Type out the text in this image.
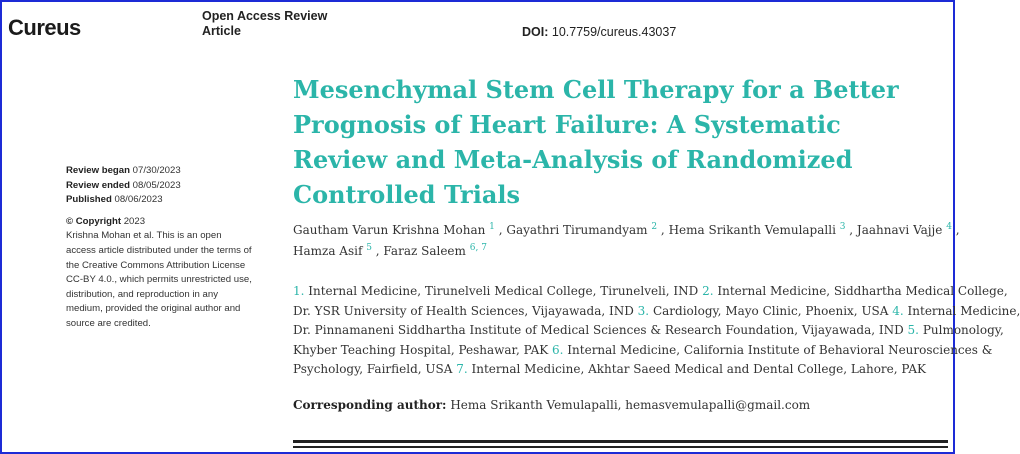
Cureus	Open Access Review
Article	DOI: 10.7759/cureus.43037
Mesenchymal Stem Cell Therapy for a Better Prognosis of Heart Failure: A Systematic Review and Meta-Analysis of Randomized Controlled Trials
Review began 07/30/2023
Review ended 08/05/2023
Published 08/06/2023
© Copyright 2023
Krishna Mohan et al. This is an open
access article distributed under the terms of
the Creative Commons Attribution License
CC-BY 4.0., which permits unrestricted use,
distribution, and reproduction in any
medium, provided the original author and
source are credited.
Gautham Varun Krishna Mohan $^1$ , Gayathri Tirumandyam $^2$ , Hema Srikanth Vemulapalli $^3$ , Jaahnavi Vajje $^4$ ,
Hamza Asif $^5$ , Faraz Saleem $^{6, 7}$
1. Internal Medicine, Tirunelveli Medical College, Tirunelveli, IND 2. Internal Medicine, Siddhartha Medical College,
Dr. YSR University of Health Sciences, Vijayawada, IND 3. Cardiology, Mayo Clinic, Phoenix, USA 4. Internal Medicine,
Dr. Pinnamaneni Siddhartha Institute of Medical Sciences & Research Foundation, Vijayawada, IND 5. Pulmonology,
Khyber Teaching Hospital, Peshawar, PAK 6. Internal Medicine, California Institute of Behavioral Neurosciences &
Psychology, Fairfield, USA 7. Internal Medicine, Akhtar Saeed Medical and Dental College, Lahore, PAK
Corresponding author: Hema Srikanth Vemulapalli, hemasvemulapalli@gmail.com
